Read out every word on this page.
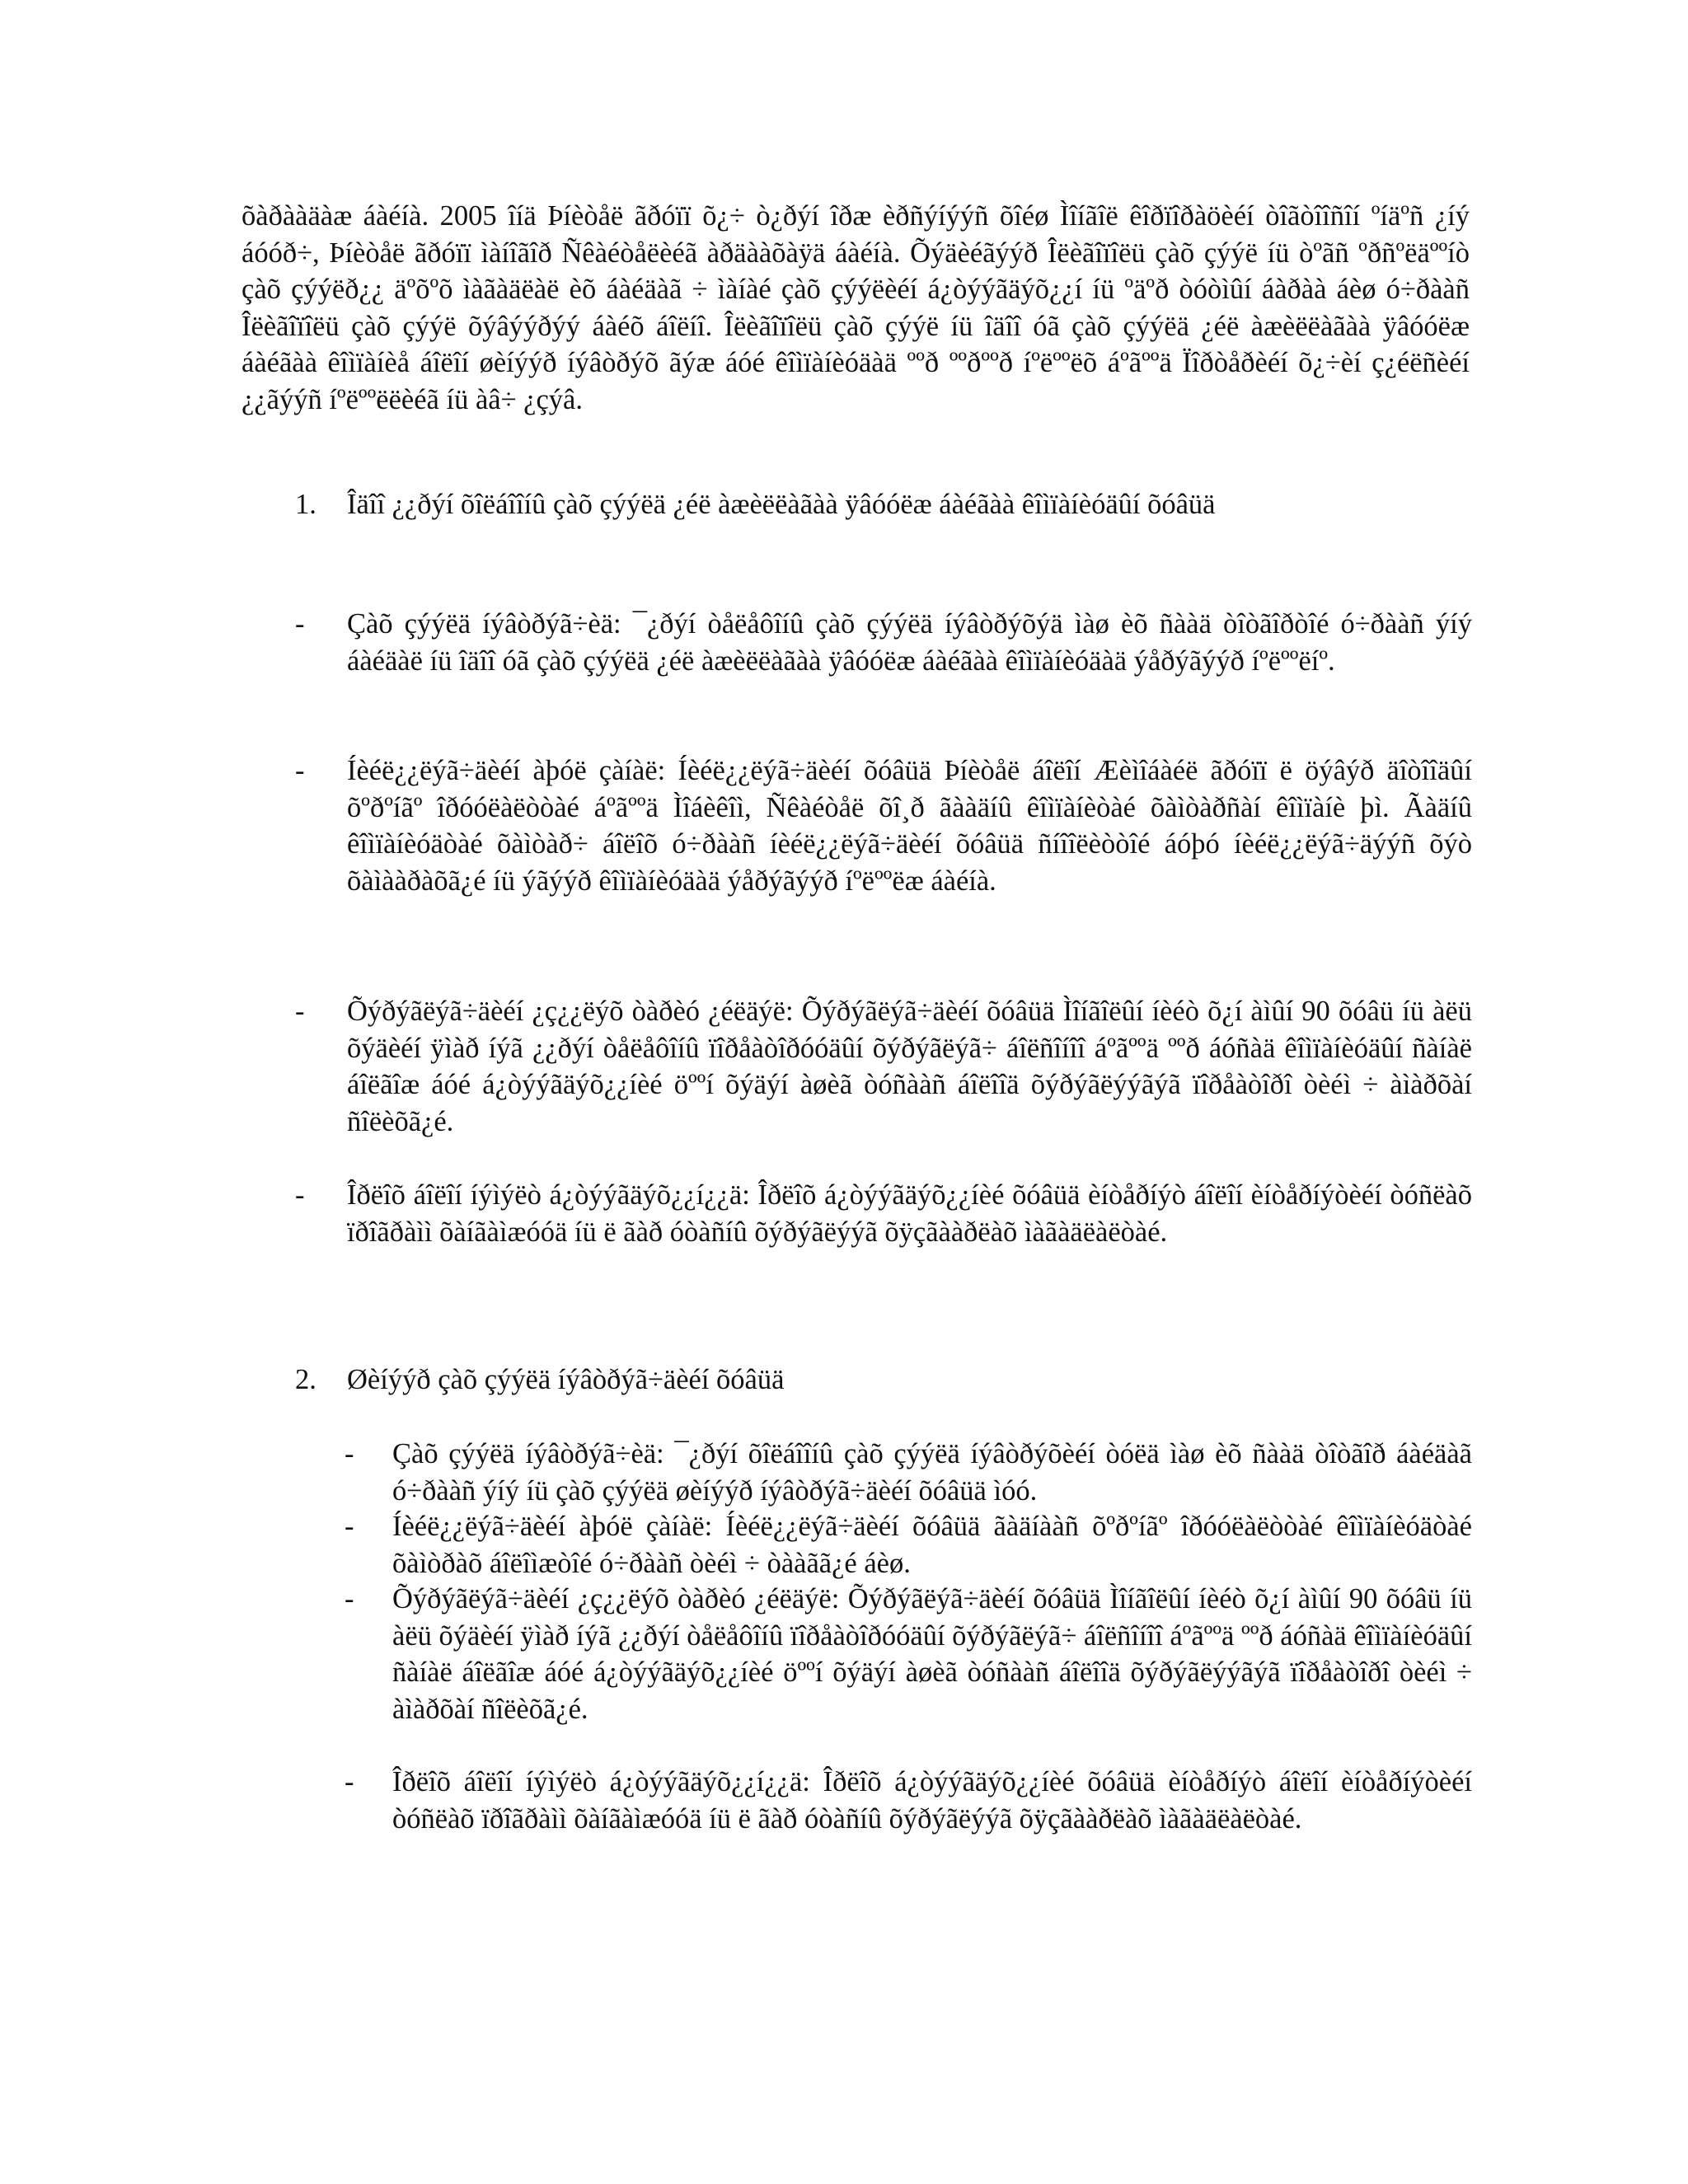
õàðààäàæ áàéíà. 2005 îíä Þíèòåë ãðóïï õ¿÷ ò¿ðýí îðæ èðñýíýýñ õîéø Ìîíãîë êîðïîðàöèéí òîãòîîñîí ºíäºñ ¿íý áóóð÷, Þíèòåë ãðóïï ìàíîãîð Ñêàéòåëèéã àðäààõàÿä áàéíà. Õýäèéãýýð Îëèãîïîëü çàõ çýýë íü òºãñ ºðñºëäººíò çàõ çýýëð¿¿ äºõºõ ìàãàäëàë èõ áàéäàã ÷ ìàíàé çàõ çýýëèéí á¿òýýãäýõ¿¿í íü ºäºð òóòìûí áàðàà áèø ó÷ðààñ Îëèãîïîëü çàõ çýýë õýâýýðýý áàéõ áîëíî. Îëèãîïîëü çàõ çýýë íü îäîî óã çàõ çýýëä ¿éë àæèëëàãàà ÿâóóëæ áàéãàà êîìïàíèå áîëîí øèíýýð íýâòðýõ ãýæ áóé êîìïàíèóäàä ººð ººðººð íºëººëõ áºãººä Ïîðòåðèéí õ¿÷èí ç¿éëñèéí ¿¿ãýýñ íºëººëëèéã íü àâ÷ ¿çýâ.
1. Îäîî ¿¿ðýí õîëáîîíû çàõ çýýëä ¿éë àæèëëàãàà ÿâóóëæ áàéãàà êîìïàíèóäûí õóâüä
- Çàõ çýýëä íýâòðýã÷èä: ¯¿ðýí òåëåôîíû çàõ çýýëä íýâòðýõýä ìàø èõ ñààä òîòãîðòîé ó÷ðààñ ýíý áàéäàë íü îäîî óã çàõ çýýëä ¿éë àæèëëàãàà ÿâóóëæ áàéãàà êîìïàíèóäàä ýåðýãýýð íºëººëíº.
- Íèéë¿¿ëýã÷äèéí àþóë çàíàë: Íèéë¿¿ëýã÷äèéí õóâüä Þíèòåë áîëîí Æèìîáàéë ãðóïï ë öýâýð äîòîîäûí õºðºíãº îðóóëàëòòàé áºãººä Ìîáèêîì, Ñêàéòåë õî¸ð ãààäíû êîìïàíèòàé õàìòàðñàí êîìïàíè þì. Ãàäíû êîìïàíèóäòàé õàìòàð÷ áîëîõ ó÷ðààñ íèéë¿¿ëýã÷äèéí õóâüä ñíîîëèòòîé áóþó íèéë¿¿ëýã÷äýýñ õýò õàìààðàõã¿é íü ýãýýð êîìïàíèóäàä ýåðýãýýð íºëººëæ áàéíà.
- Õýðýãëýã÷äèéí ¿ç¿¿ëýõ òàðèó ¿éëäýë: Õýðýãëýã÷äèéí õóâüä Ìîíãîëûí íèéò õ¿í àìûí 90 õóâü íü àëü õýäèéí ÿìàð íýã ¿¿ðýí òåëåôîíû ïîðåàòîðóóäûí õýðýãëýã÷ áîëñîíîî áºãººä ººð áóñàä êîìïàíèóäûí ñàíàë áîëãîæ áóé á¿òýýãäýõ¿¿íèé öººí õýäýí àøèã òóñààñ áîëîîä õýðýãëýýãýã ïîðåàòîðî òèéì ÷ àìàðõàí ñîëèõã¿é.
- Îðëîõ áîëîí íýìýëò á¿òýýãäýõ¿¿í¿¿ä: Îðëîõ á¿òýýãäýõ¿¿íèé õóâüä èíòåðíýò áîëîí èíòåðíýòèéí òóñëàõ ïðîãðàìì õàíãàìæóóä íü ë ãàð óòàñíû õýðýãëýýã õÿçãààðëàõ ìàãàäëàëòàé.
2. Øèíýýð çàõ çýýëä íýâòðýã÷äèéí õóâüä
- Çàõ çýýëä íýâòðýã÷èä: ¯¿ðýí õîëáîîíû çàõ çýýëä íýâòðýõèéí òóëä ìàø èõ ñààä òîòãîð áàéäàã ó÷ðààñ ýíý íü çàõ çýýëä øèíýýð íýâòðýã÷äèéí õóâüä ìóó.
- Íèéë¿¿ëýã÷äèéí àþóë çàíàë: Íèéë¿¿ëýã÷äèéí õóâüä ãàäíààñ õºðºíãº îðóóëàëòòàé êîìïàíèóäòàé õàìòðàõ áîëîìæòîé ó÷ðààñ òèéì ÷ òààãã¿é áèø.
- Õýðýãëýã÷äèéí ¿ç¿¿ëýõ òàðèó ¿éëäýë: Õýðýãëýã÷äèéí õóâüä Ìîíãîëûí íèéò õ¿í àìûí 90 õóâü íü àëü õýäèéí ÿìàð íýã ¿¿ðýí òåëåôîíû ïîðåàòîðóóäûí õýðýãëýã÷ áîëñîíîî áºãººä ººð áóñàä êîìïàíèóäûí ñàíàë áîëãîæ áóé á¿òýýãäýõ¿¿íèé öººí õýäýí àøèã òóñààñ áîëîîä õýðýãëýýãýã ïîðåàòîðî òèéì ÷ àìàðõàí ñîëèõã¿é.
- Îðëîõ áîëîí íýìýëò á¿òýýãäýõ¿¿í¿¿ä: Îðëîõ á¿òýýãäýõ¿¿íèé õóâüä èíòåðíýò áîëîí èíòåðíýòèéí òóñëàõ ïðîãðàìì õàíãàìæóóä íü ë ãàð óòàñíû õýðýãëýýã õÿçãààðëàõ ìàãàäëàëòàé.
